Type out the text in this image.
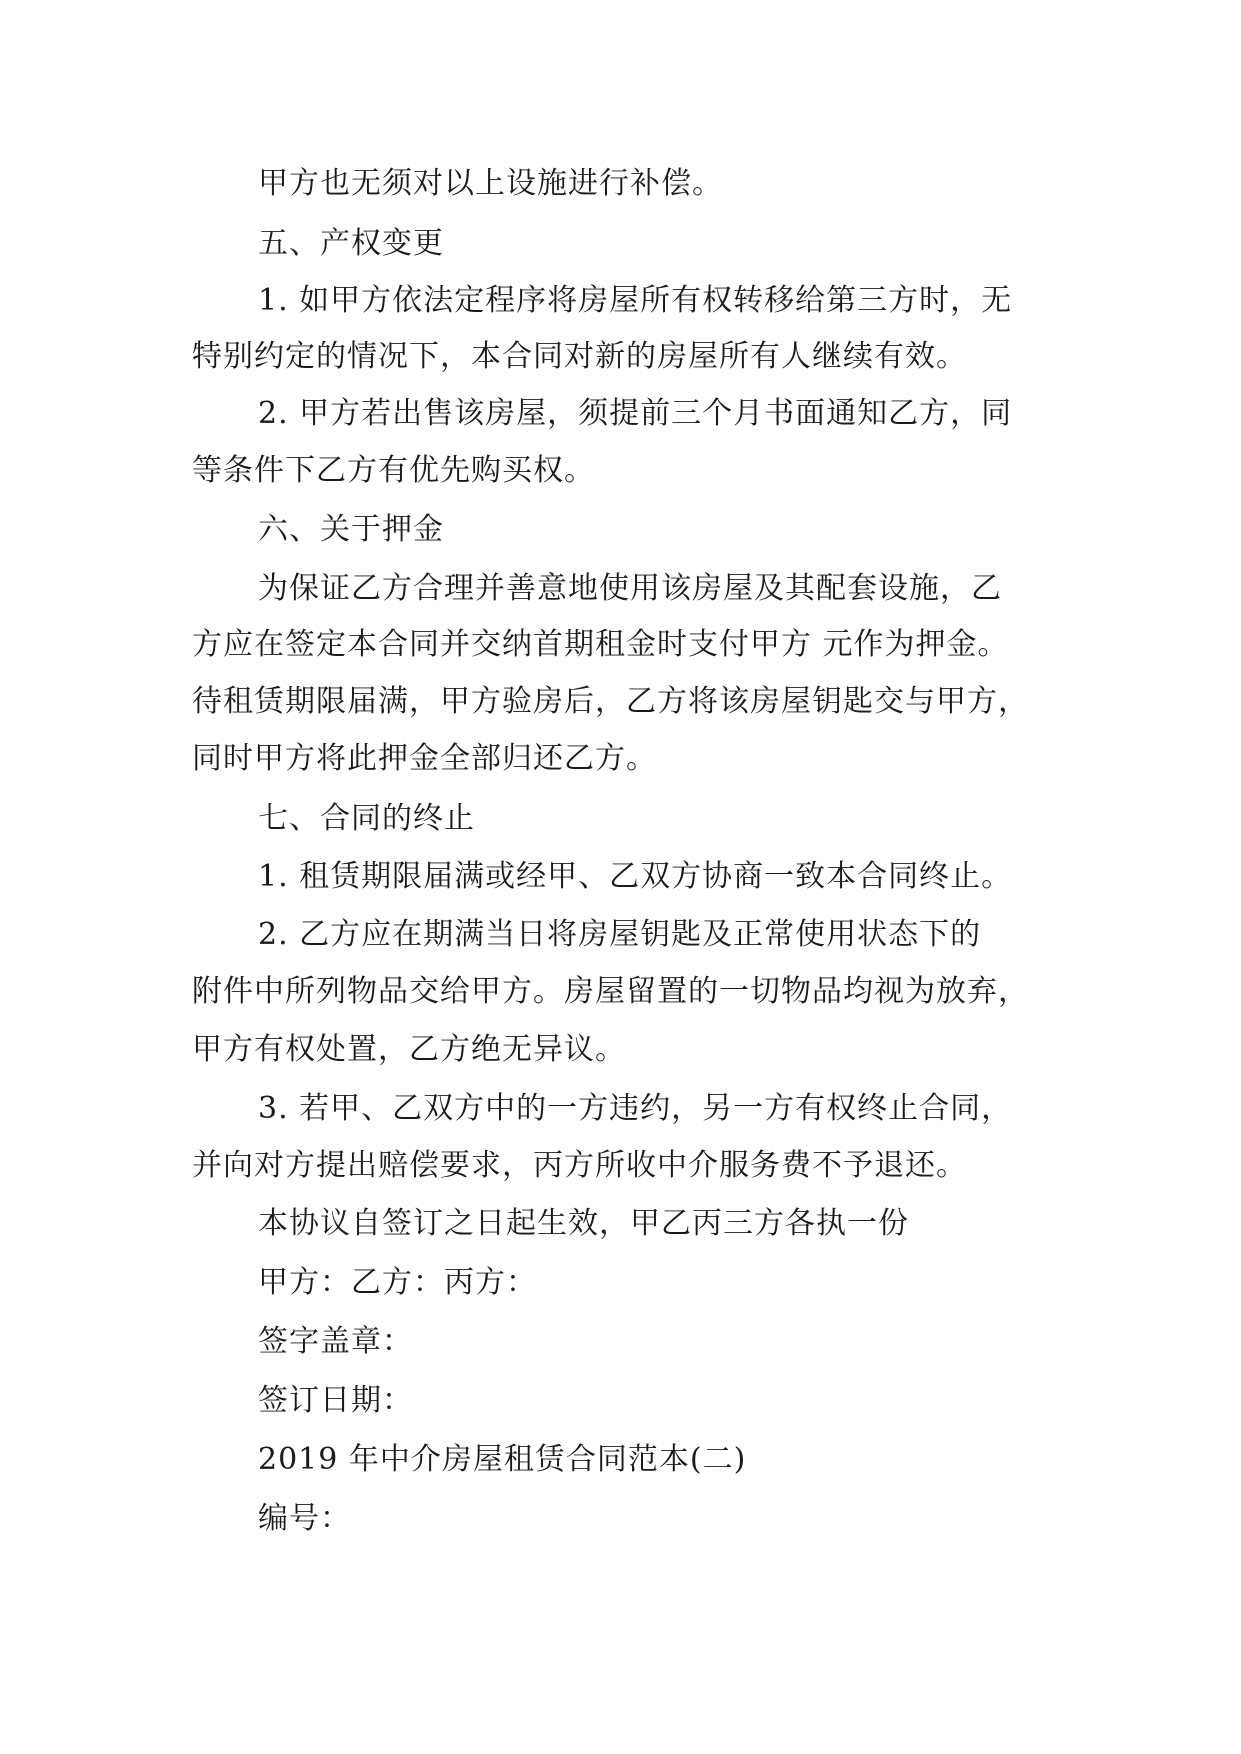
甲方也无须对以上设施进行补偿。
五、产权变更
1. 如甲方依法定程序将房屋所有权转移给第三方时，无
特别约定的情况下，本合同对新的房屋所有人继续有效。
2. 甲方若出售该房屋，须提前三个月书面通知乙方，同
等条件下乙方有优先购买权。
六、关于押金
为保证乙方合理并善意地使用该房屋及其配套设施，乙
方应在签定本合同并交纳首期租金时支付甲方 元作为押金。
待租赁期限届满，甲方验房后，乙方将该房屋钥匙交与甲方，
同时甲方将此押金全部归还乙方。
七、合同的终止
1. 租赁期限届满或经甲、乙双方协商一致本合同终止。
2. 乙方应在期满当日将房屋钥匙及正常使用状态下的
附件中所列物品交给甲方。房屋留置的一切物品均视为放弃，
甲方有权处置，乙方绝无异议。
3. 若甲、乙双方中的一方违约，另一方有权终止合同，
并向对方提出赔偿要求，丙方所收中介服务费不予退还。
本协议自签订之日起生效，甲乙丙三方各执一份
甲方：乙方：丙方：
签字盖章：
签订日期：
2019 年中介房屋租赁合同范本(二)
编号：
